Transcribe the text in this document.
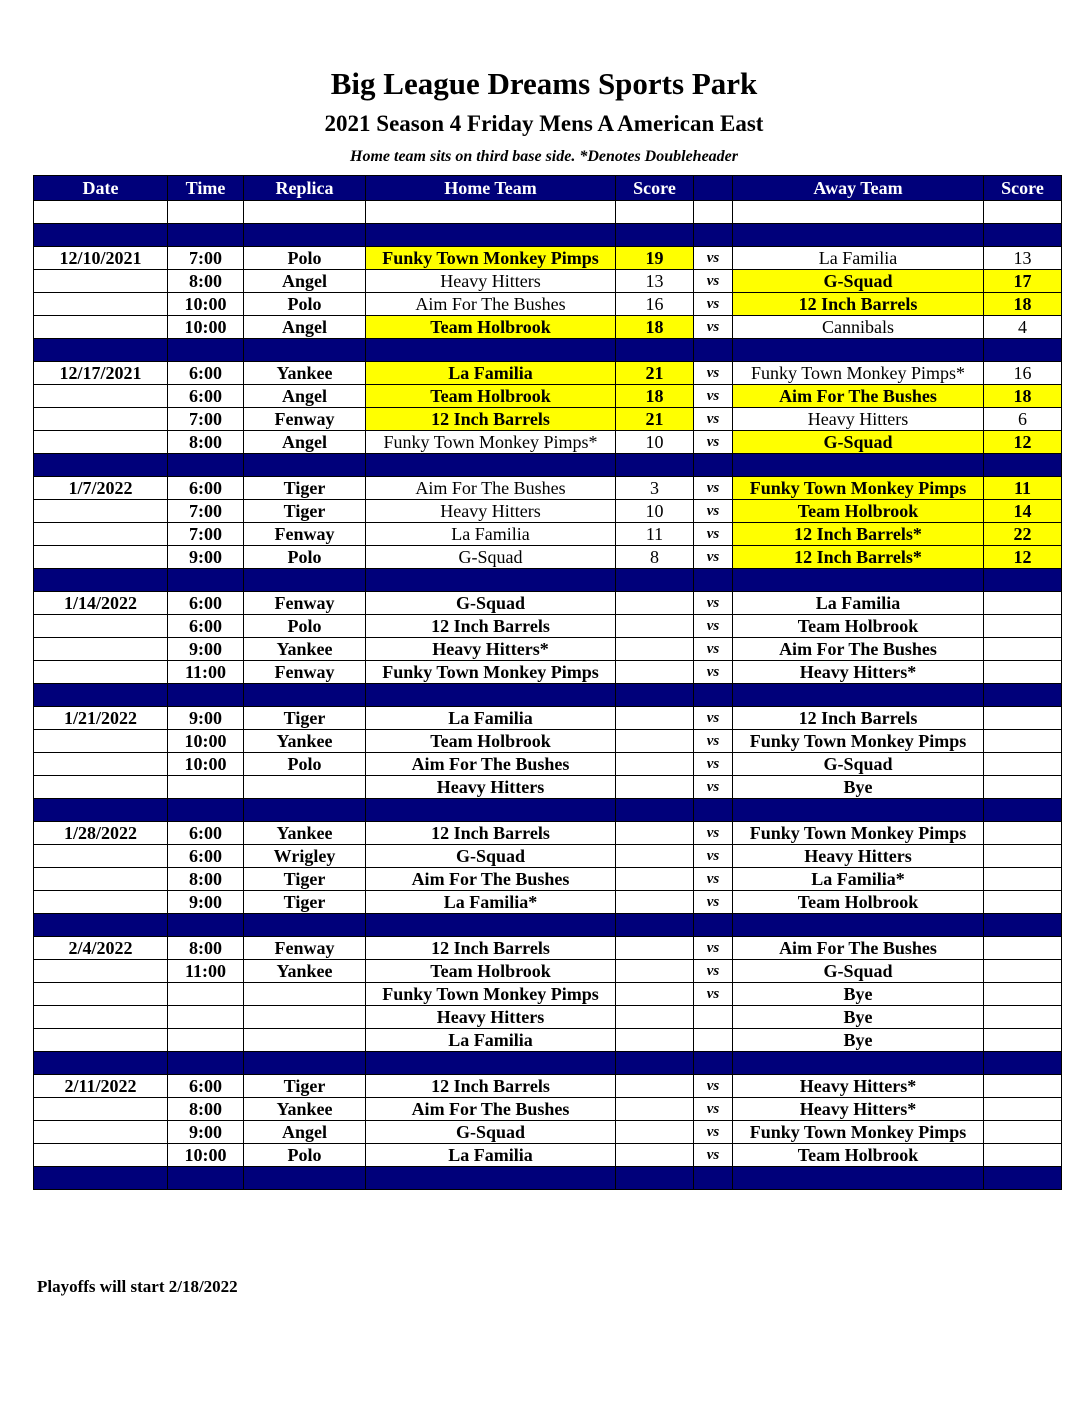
Big League Dreams Sports Park
2021 Season 4 Friday Mens A American East
Home team sits on third base side. *Denotes Doubleheader
Date	Time	Replica	Home Team	Score		Away Team	Score

12/10/2021	7:00	Polo	Funky Town Monkey Pimps	19	vs	La Familia	13
	8:00	Angel	Heavy Hitters	13	vs	G-Squad	17
	10:00	Polo	Aim For The Bushes	16	vs	12 Inch Barrels	18
	10:00	Angel	Team Holbrook	18	vs	Cannibals	4

12/17/2021	6:00	Yankee	La Familia	21	vs	Funky Town Monkey Pimps*	16
	6:00	Angel	Team Holbrook	18	vs	Aim For The Bushes	18
	7:00	Fenway	12 Inch Barrels	21	vs	Heavy Hitters	6
	8:00	Angel	Funky Town Monkey Pimps*	10	vs	G-Squad	12

1/7/2022	6:00	Tiger	Aim For The Bushes	3	vs	Funky Town Monkey Pimps	11
	7:00	Tiger	Heavy Hitters	10	vs	Team Holbrook	14
	7:00	Fenway	La Familia	11	vs	12 Inch Barrels*	22
	9:00	Polo	G-Squad	8	vs	12 Inch Barrels*	12

1/14/2022	6:00	Fenway	G-Squad		vs	La Familia	
	6:00	Polo	12 Inch Barrels		vs	Team Holbrook	
	9:00	Yankee	Heavy Hitters*		vs	Aim For The Bushes	
	11:00	Fenway	Funky Town Monkey Pimps		vs	Heavy Hitters*	

1/21/2022	9:00	Tiger	La Familia		vs	12 Inch Barrels	
	10:00	Yankee	Team Holbrook		vs	Funky Town Monkey Pimps	
	10:00	Polo	Aim For The Bushes		vs	G-Squad	
			Heavy Hitters		vs	Bye	

1/28/2022	6:00	Yankee	12 Inch Barrels		vs	Funky Town Monkey Pimps	
	6:00	Wrigley	G-Squad		vs	Heavy Hitters	
	8:00	Tiger	Aim For The Bushes		vs	La Familia*	
	9:00	Tiger	La Familia*		vs	Team Holbrook	

2/4/2022	8:00	Fenway	12 Inch Barrels		vs	Aim For The Bushes	
	11:00	Yankee	Team Holbrook		vs	G-Squad	
			Funky Town Monkey Pimps		vs	Bye	
			Heavy Hitters			Bye	
			La Familia			Bye	

2/11/2022	6:00	Tiger	12 Inch Barrels		vs	Heavy Hitters*	
	8:00	Yankee	Aim For The Bushes		vs	Heavy Hitters*	
	9:00	Angel	G-Squad		vs	Funky Town Monkey Pimps	
	10:00	Polo	La Familia		vs	Team Holbrook	

Playoffs will start 2/18/2022
